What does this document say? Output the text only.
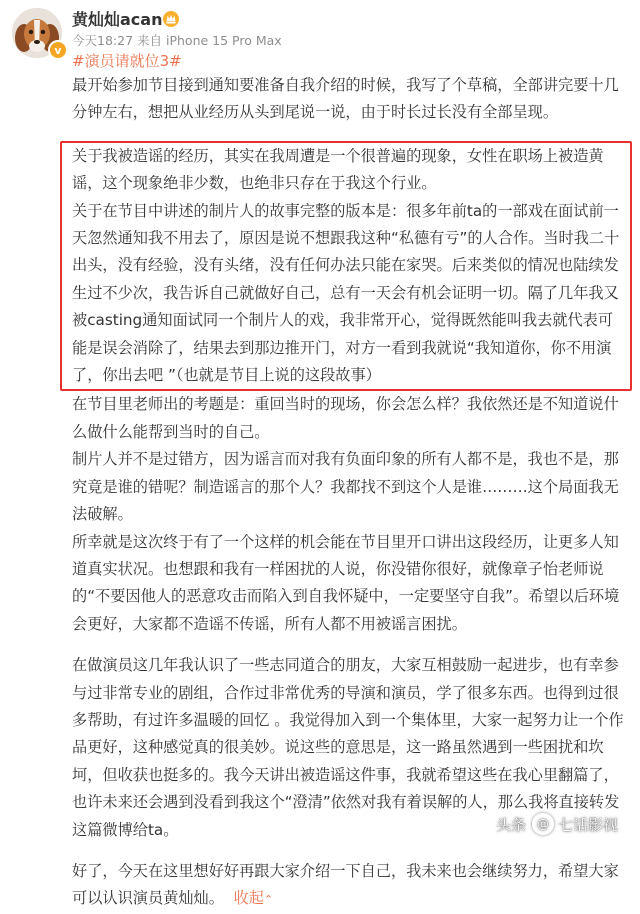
v
黄灿灿acan
今天18:27 来自 iPhone 15 Pro Max
#演员请就位3#

最开始参加节目接到通知要准备自我介绍的时候，我写了个草稿，全部讲完要十几分钟左右，想把从业经历从头到尾说一说，由于时长过长没有全部呈现。

关于我被造谣的经历，其实在我周遭是一个很普遍的现象，女性在职场上被造黄谣，这个现象绝非少数，也绝非只存在于我这个行业。

关于在节目中讲述的制片人的故事完整的版本是：很多年前ta的一部戏在面试前一天忽然通知我不用去了，原因是说不想跟我这种“私德有亏”的人合作。当时我二十出头，没有经验，没有头绪，没有任何办法只能在家哭。后来类似的情况也陆续发生过不少次，我告诉自己就做好自己，总有一天会有机会证明一切。隔了几年我又被casting通知面试同一个制片人的戏，我非常开心，觉得既然能叫我去就代表可能是误会消除了，结果去到那边推开门，对方一看到我就说“我知道你，你不用演了，你出去吧 ”（也就是节目上说的这段故事）

在节目里老师出的考题是：重回当时的现场，你会怎么样？我依然还是不知道说什么做什么能帮到当时的自己。

制片人并不是过错方，因为谣言而对我有负面印象的所有人都不是，我也不是，那究竟是谁的错呢？制造谣言的那个人？我都找不到这个人是谁………这个局面我无法破解。

所幸就是这次终于有了一个这样的机会能在节目里开口讲出这段经历，让更多人知道真实状况。也想跟和我有一样困扰的人说，你没错你很好，就像章子怡老师说的“不要因他人的恶意攻击而陷入到自我怀疑中，一定要坚守自我”。希望以后环境会更好，大家都不造谣不传谣，所有人都不用被谣言困扰。

在做演员这几年我认识了一些志同道合的朋友，大家互相鼓励一起进步，也有幸参与过非常专业的剧组，合作过非常优秀的导演和演员，学了很多东西。也得到过很多帮助，有过许多温暖的回忆 。我觉得加入到一个集体里，大家一起努力让一个作品更好，这种感觉真的很美妙。说这些的意思是，这一路虽然遇到一些困扰和坎坷，但收获也挺多的。我今天讲出被造谣这件事，我就希望这些在我心里翻篇了，也许未来还会遇到没看到我这个“澄清”依然对我有着误解的人，那么我将直接转发这篇微博给ta。

好了，今天在这里想好好再跟大家介绍一下自己，我未来也会继续努力，希望大家可以认识演员黄灿灿。 收起⌃

头条 @ 七话影视
